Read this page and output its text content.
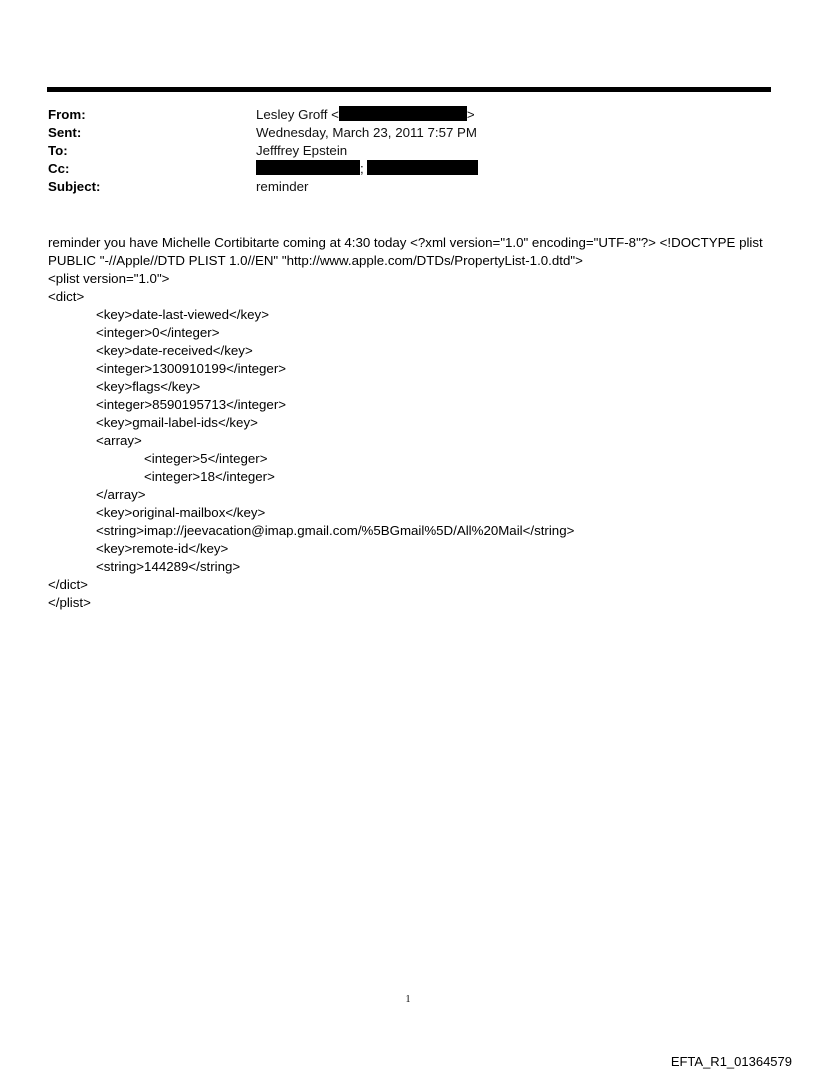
From:	Lesley Groff <	>
Sent:	Wednesday, March 23, 2011 7:57 PM
To:	Jefffrey Epstein
Cc:	;
Subject:	reminder
reminder you have Michelle Cortibitarte coming at 4:30 today <?xml version="1.0" encoding="UTF-8"?> <!DOCTYPE plist
PUBLIC "-//Apple//DTD PLIST 1.0//EN" "http://www.apple.com/DTDs/PropertyList-1.0.dtd">
<plist version="1.0">
<dict>
<key>date-last-viewed</key>
<integer>0</integer>
<key>date-received</key>
<integer>1300910199</integer>
<key>flags</key>
<integer>8590195713</integer>
<key>gmail-label-ids</key>
<array>
<integer>5</integer>
<integer>18</integer>
</array>
<key>original-mailbox</key>
<string>imap://jeevacation@imap.gmail.com/%5BGmail%5D/All%20Mail</string>
<key>remote-id</key>
<string>144289</string>
</dict>
</plist>
1
EFTA_R1_01364579
